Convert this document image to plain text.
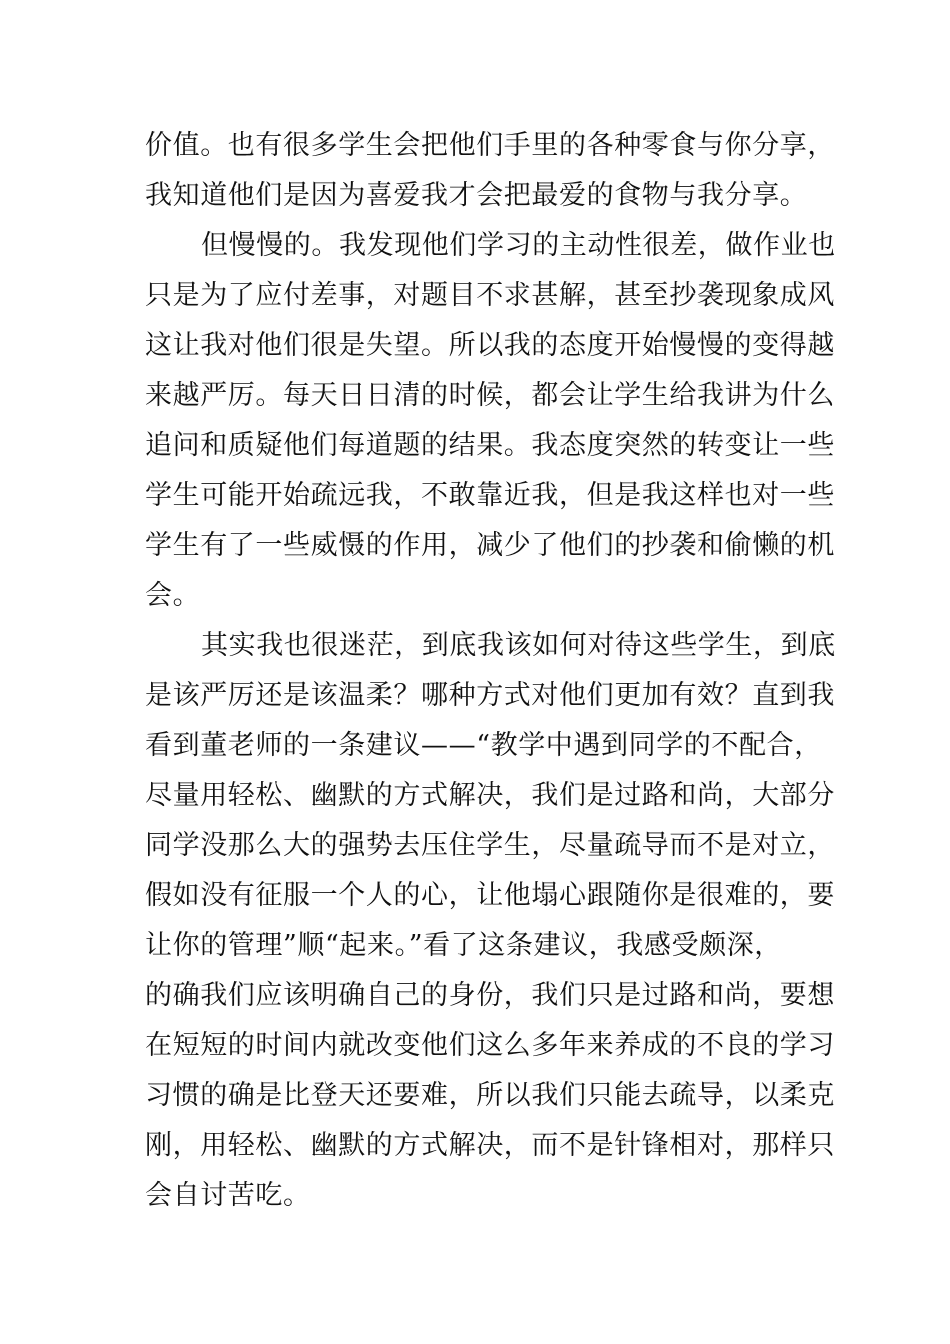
价值。也有很多学生会把他们手里的各种零食与你分享，
我知道他们是因为喜爱我才会把最爱的食物与我分享。
但慢慢的。我发现他们学习的主动性很差，做作业也
只是为了应付差事，对题目不求甚解，甚至抄袭现象成风
这让我对他们很是失望。所以我的态度开始慢慢的变得越
来越严厉。每天日日清的时候，都会让学生给我讲为什么
追问和质疑他们每道题的结果。我态度突然的转变让一些
学生可能开始疏远我，不敢靠近我，但是我这样也对一些
学生有了一些威慑的作用，减少了他们的抄袭和偷懒的机
会。
其实我也很迷茫，到底我该如何对待这些学生，到底
是该严厉还是该温柔？哪种方式对他们更加有效？直到我
看到董老师的一条建议——“教学中遇到同学的不配合，
尽量用轻松、幽默的方式解决，我们是过路和尚，大部分
同学没那么大的强势去压住学生，尽量疏导而不是对立，
假如没有征服一个人的心，让他塌心跟随你是很难的，要
让你的管理”顺“起来。”看了这条建议，我感受颇深，
的确我们应该明确自己的身份，我们只是过路和尚，要想
在短短的时间内就改变他们这么多年来养成的不良的学习
习惯的确是比登天还要难，所以我们只能去疏导，以柔克
刚，用轻松、幽默的方式解决，而不是针锋相对，那样只
会自讨苦吃。
